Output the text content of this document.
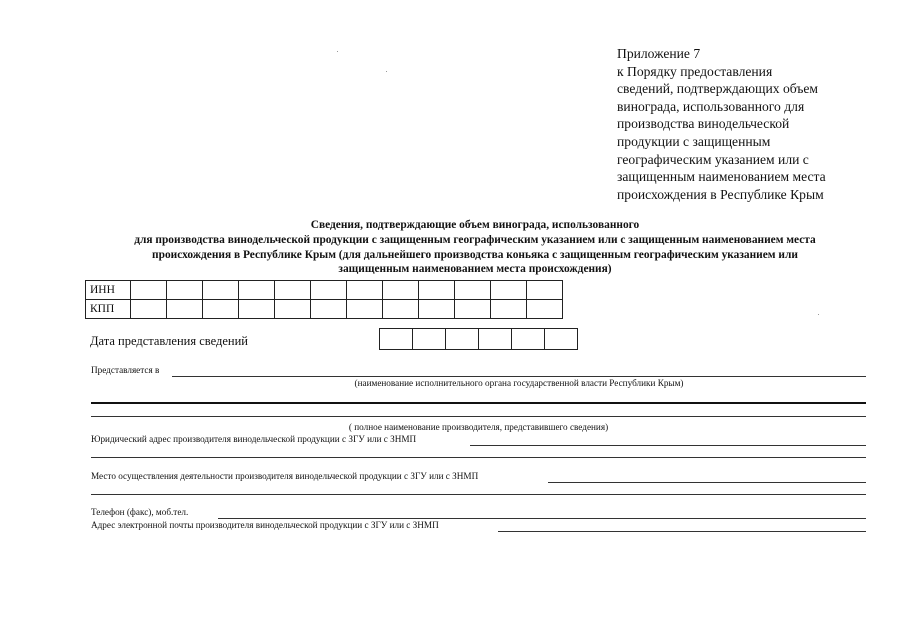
Приложение 7
к Порядку предоставления
сведений, подтверждающих объем
винограда, использованного для
производства винодельческой
продукции с защищенным
географическим указанием или с
защищенным наименованием места
происхождения в Республике Крым
Сведения, подтверждающие объем винограда, использованного
для производства винодельческой продукции с защищенным географическим указанием или с защищенным наименованием места
происхождения в Республике Крым (для дальнейшего производства коньяка с защищенным географическим указанием или
защищенным наименованием места происхождения)
ИНН												
КПП												
Дата представления сведений
Представляется в
(наименование исполнительного органа государственной власти Республики Крым)
( полное наименование производителя, представившего сведения)
Юридический адрес производителя винодельческой продукции с ЗГУ или с ЗНМП
Место осуществления деятельности производителя винодельческой продукции с ЗГУ или с ЗНМП
Телефон (факс), моб.тел.
Адрес электронной почты производителя винодельческой продукции с ЗГУ или с ЗНМП
